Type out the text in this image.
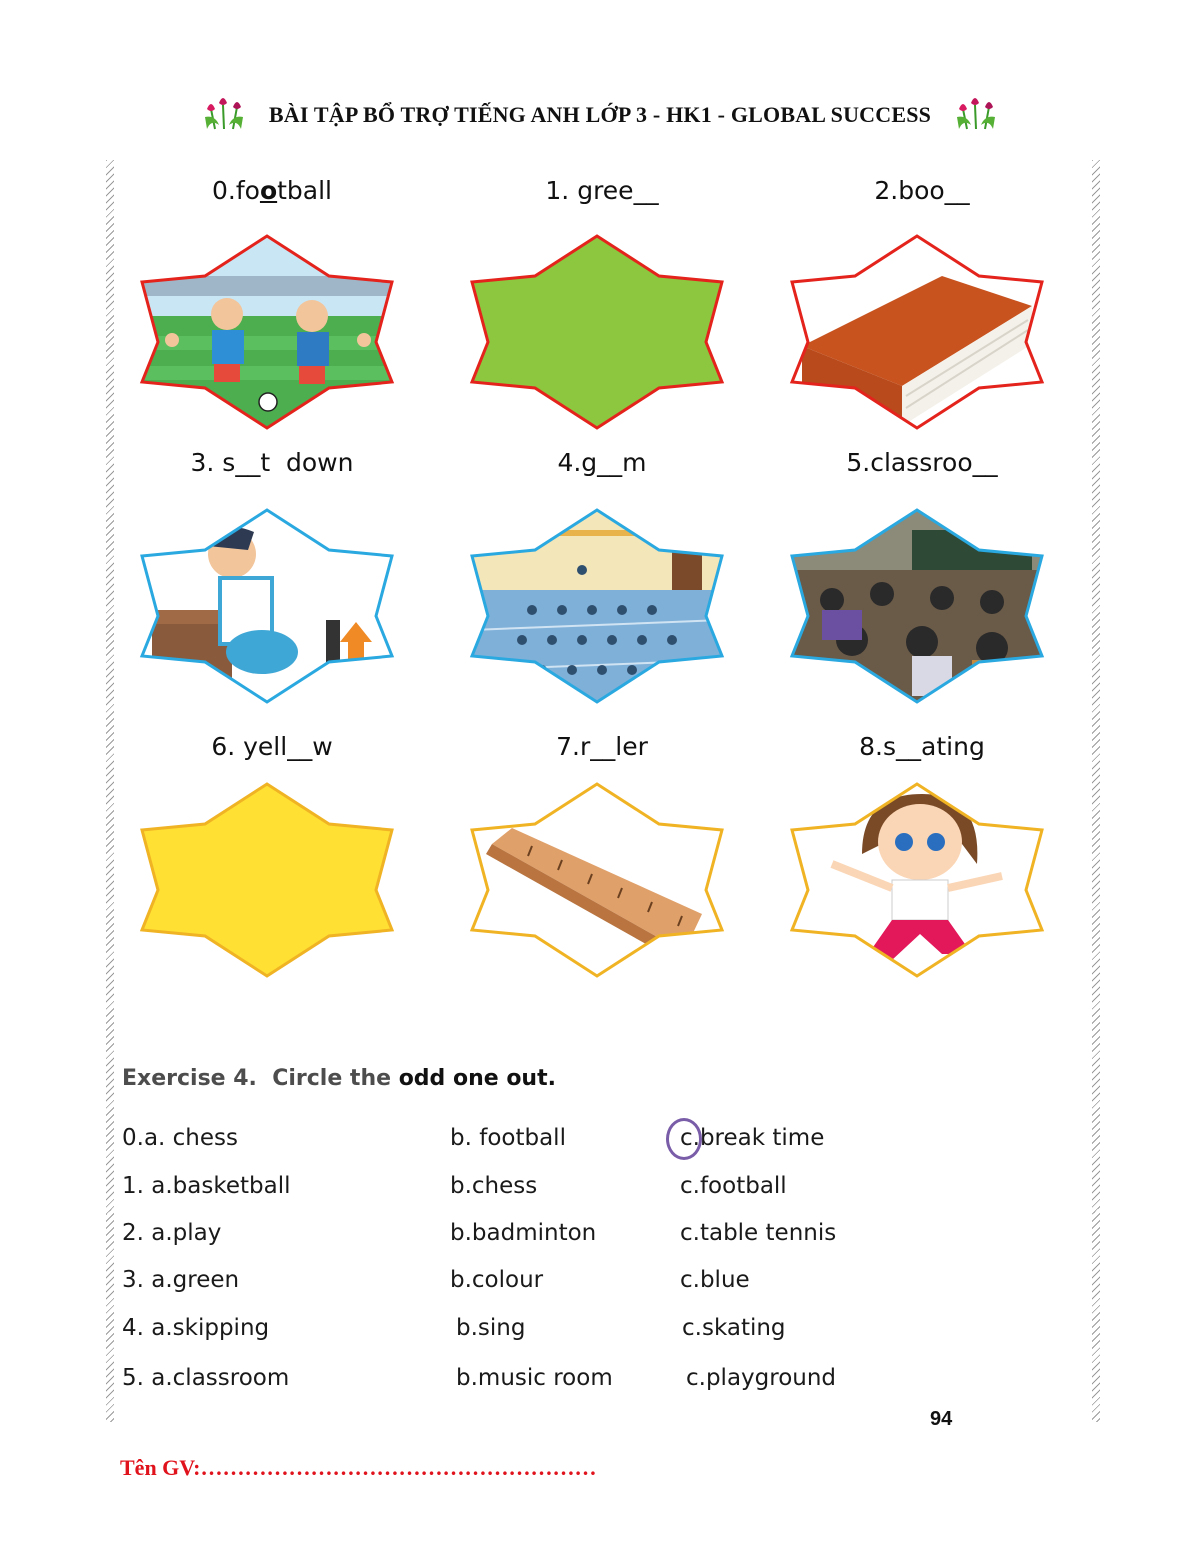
BÀI TẬP BỔ TRỢ TIẾNG ANH LỚP 3 - HK1 - GLOBAL SUCCESS
0.football	1. gree__	2.boo__
3. s__t  down	4.g__m	5.classroo__
6. yell__w	7.r__ler	8.s__ating
Exercise 4.  Circle the odd one out.
0.a. chess	b. football	c.break time
1. a.basketball	b.chess	c.football
2. a.play	b.badminton	c.table tennis
3. a.green	b.colour	c.blue
4. a.skipping	b.sing	c.skating
5. a.classroom	b.music room	c.playground
94
Tên GV:………………………………………………
